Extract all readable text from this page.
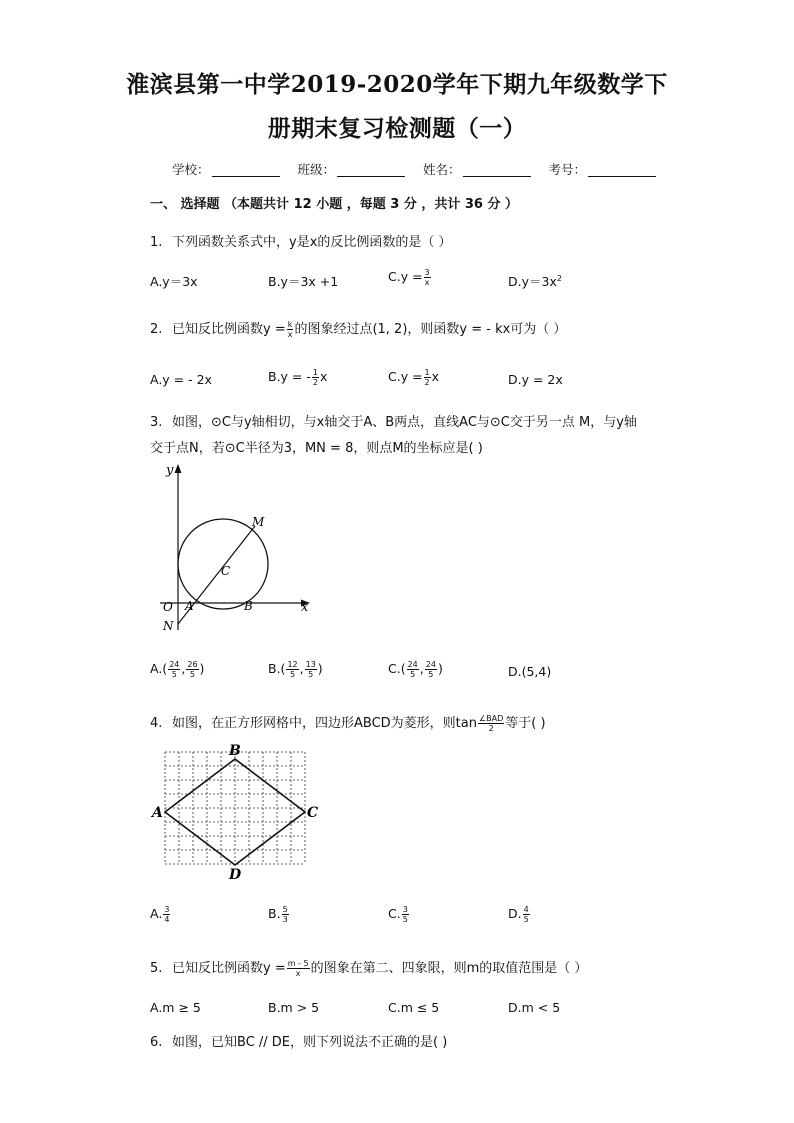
淮滨县第一中学2019-2020学年下期九年级数学下
册期末复习检测题（一）
学校：	班级：	姓名：	考号：
一、 选择题 （本题共计 12 小题 ，每题 3 分 ，共计 36 分 ）
1. 下列函数关系式中，y是x的反比例函数的是（ ）
A.y＝3x	B.y＝3x +1	$C.y = \frac{3}{x}$	$D.y=3x^2$
2. 已知反比例函数$y = \frac{k}{x}$ 的图象经过点(1, 2)，则函数y = - kx可为（ ）
A.y = - 2x	B.y = - $\frac{1}{2}$ x	$C.y = \frac{1}{2}$ x	D.y = 2x
3. 如图，⊙C与y轴相切，与x轴交于A、B两点，直线AC与⊙C交于另一点 M，与y轴
交于点N，若⊙C半径为3，MN = 8，则点M的坐标应是( )
y
x
O A	B
C
M
N
$A.( \frac{24}{5}$ , $\frac{26}{5}$ )	$B.( \frac{12}{5}$ , $\frac{13}{5}$ )	$C.( \frac{24}{5}$ , $\frac{24}{5}$ )	D.(5,4)
4. 如图，在正方形网格中，四边形ABCD为菱形，则$\tan \frac{\text{∠BAD}}{2}$ 等于( )
A
B
C
D
A. $\frac{3}{4}$	B. $\frac{5}{3}$	C. $\frac{3}{5}$	D. $\frac{4}{5}$
5. 已知反比例函数$y = \frac{m - 5}{x}$ 的图象在第二、四象限，则m的取值范围是（ ）
A.m ≥ 5	B.m > 5	C.m ≤ 5	D.m < 5
6. 如图，已知BC // DE，则下列说法不正确的是( )
